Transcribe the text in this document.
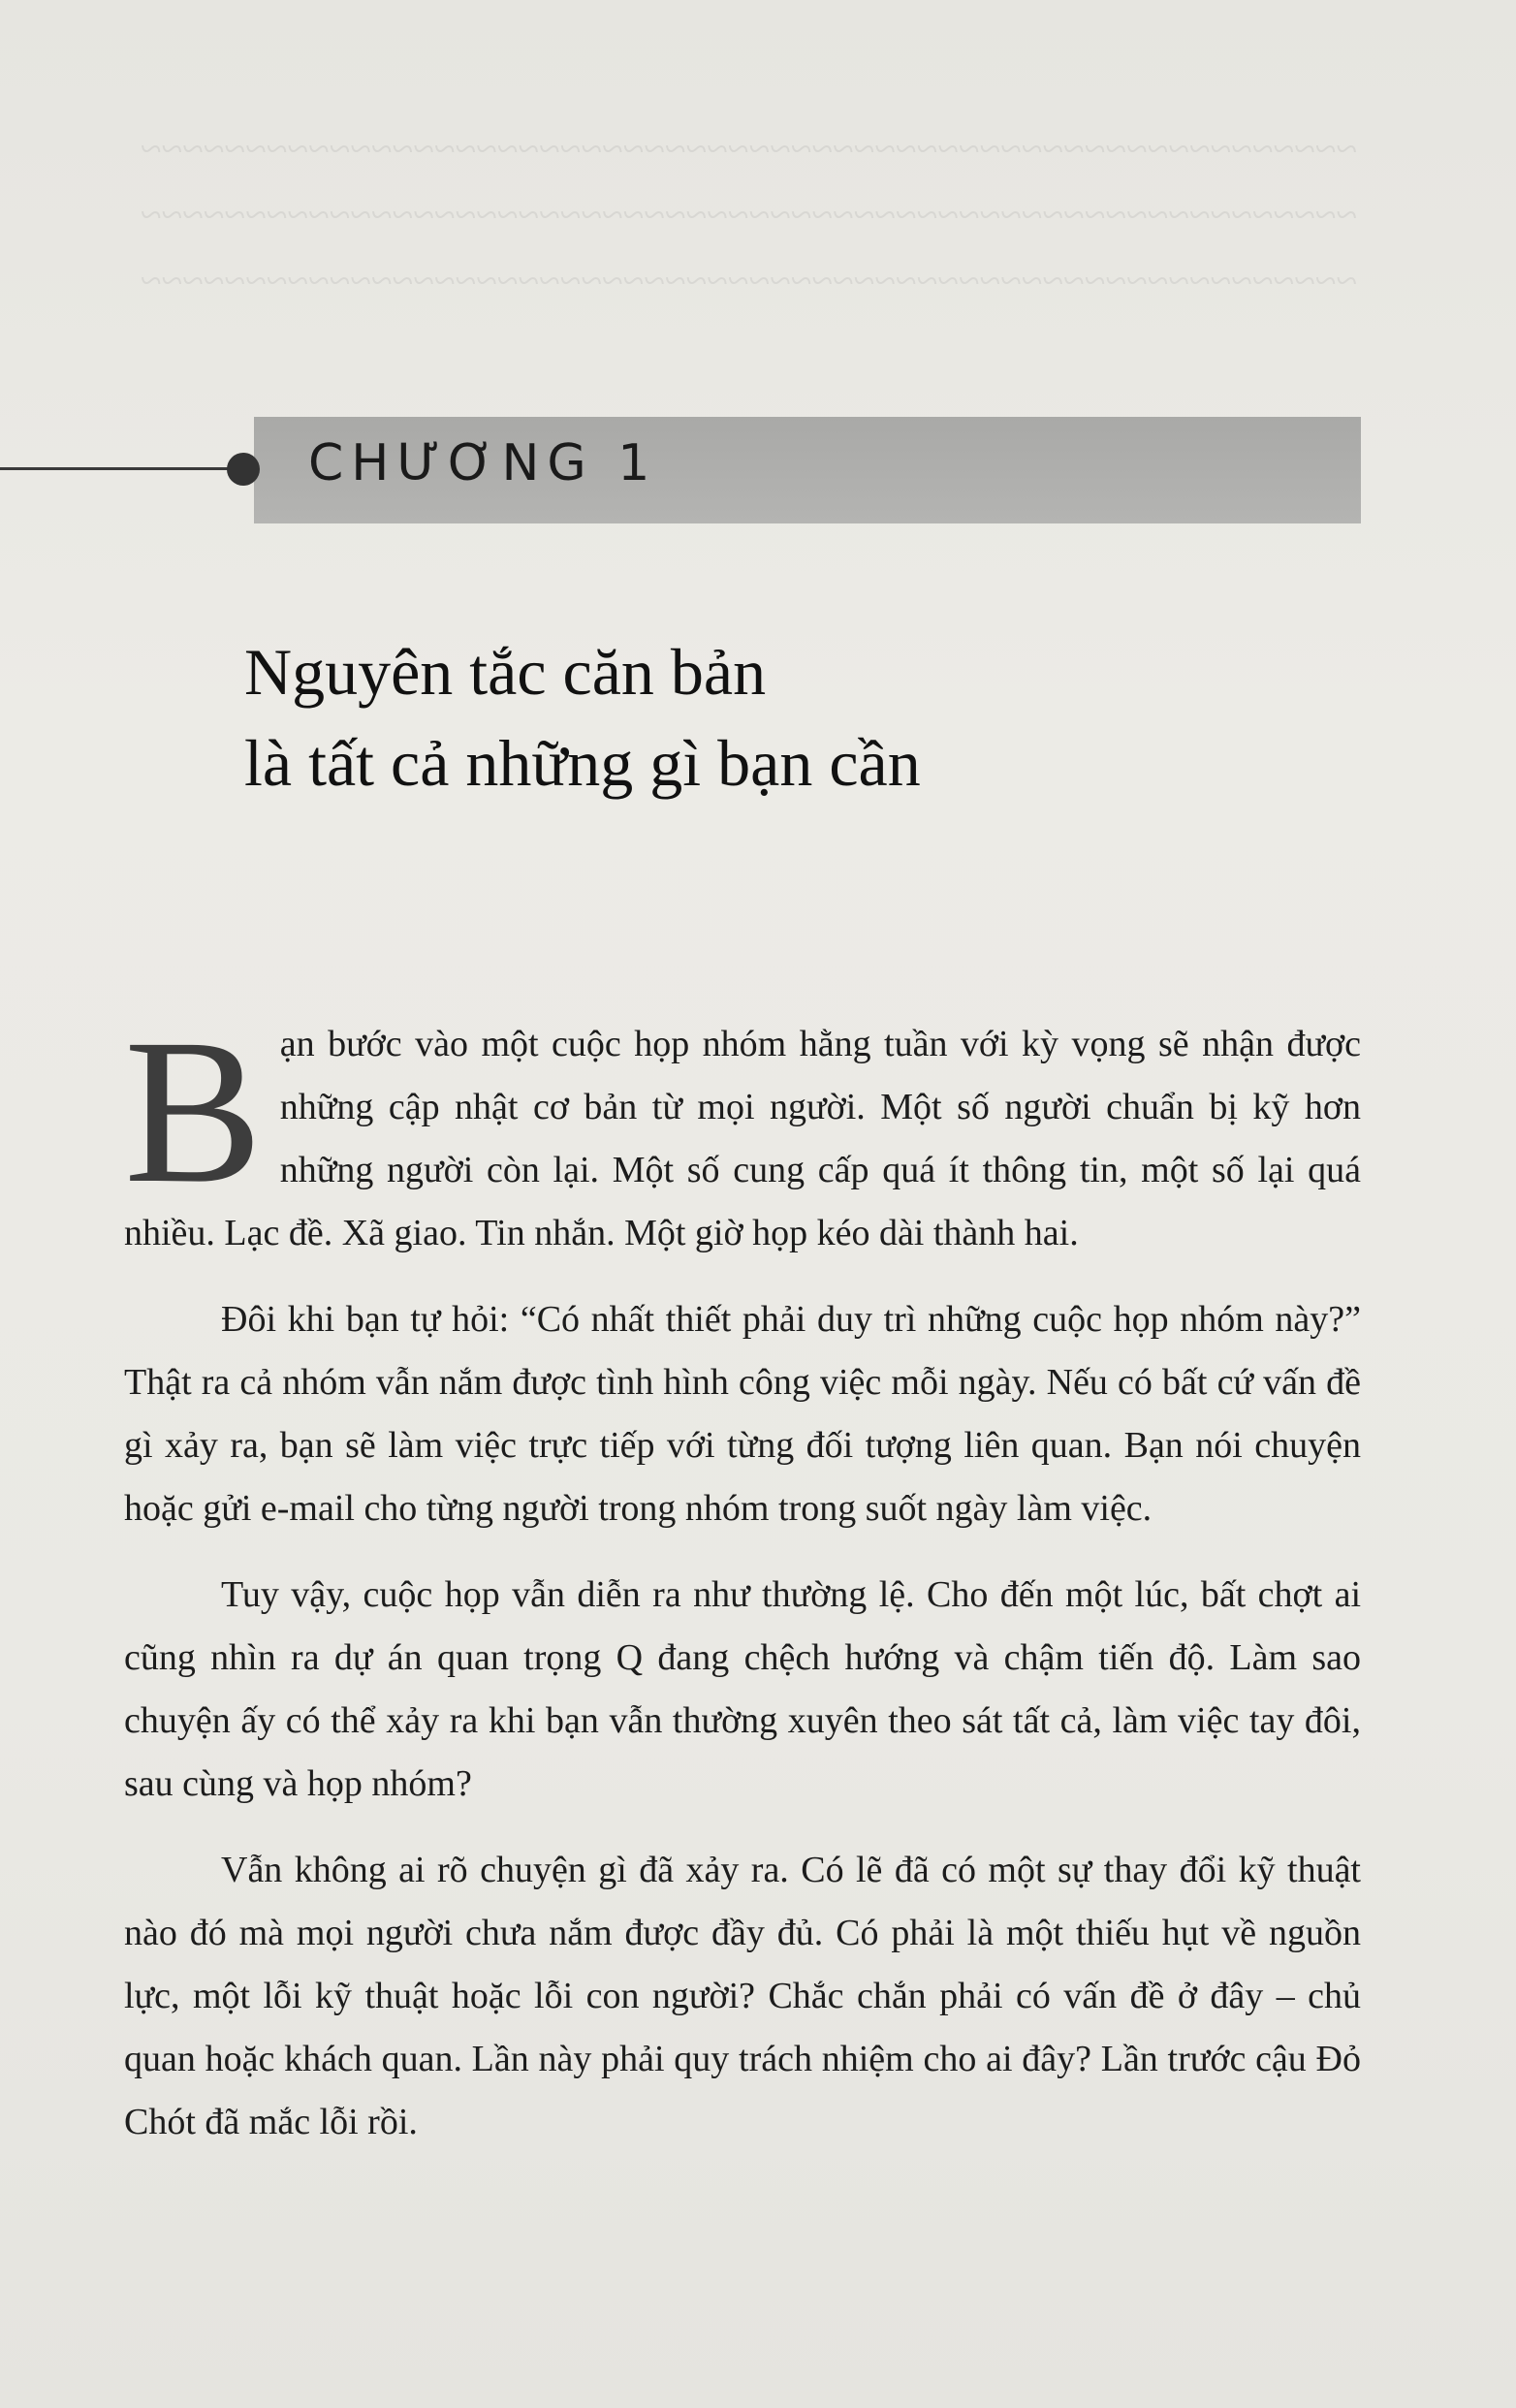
~~~~~~~~~~~~~~~~~~~~~~~~~~~~~~~~~~~~~~~~~~~~~~~~~~~~~~~~~~

~~~~~~~~~~~~~~~~~~~~~~~~~~~~~~~~~~~~~~~~~~~~~~~~~~~~~~~~~~

~~~~~~~~~~~~~~~~~~~~~~~~~~~~~~~~~~~~~~~~~~~~~~~~~~~~~~~~~~

CHƯƠNG 1
Nguyên tắc căn bản
là tất cả những gì bạn cần

Bạn bước vào một cuộc họp nhóm hằng tuần với kỳ vọng sẽ nhận được những cập nhật cơ bản từ mọi người. Một số người chuẩn bị kỹ hơn những người còn lại. Một số cung cấp quá ít thông tin, một số lại quá nhiều. Lạc đề. Xã giao. Tin nhắn. Một giờ họp kéo dài thành hai.

Đôi khi bạn tự hỏi: “Có nhất thiết phải duy trì những cuộc họp nhóm này?” Thật ra cả nhóm vẫn nắm được tình hình công việc mỗi ngày. Nếu có bất cứ vấn đề gì xảy ra, bạn sẽ làm việc trực tiếp với từng đối tượng liên quan. Bạn nói chuyện hoặc gửi e-mail cho từng người trong nhóm trong suốt ngày làm việc.

Tuy vậy, cuộc họp vẫn diễn ra như thường lệ. Cho đến một lúc, bất chợt ai cũng nhìn ra dự án quan trọng Q đang chệch hướng và chậm tiến độ. Làm sao chuyện ấy có thể xảy ra khi bạn vẫn thường xuyên theo sát tất cả, làm việc tay đôi, sau cùng và họp nhóm?

Vẫn không ai rõ chuyện gì đã xảy ra. Có lẽ đã có một sự thay đổi kỹ thuật nào đó mà mọi người chưa nắm được đầy đủ. Có phải là một thiếu hụt về nguồn lực, một lỗi kỹ thuật hoặc lỗi con người? Chắc chắn phải có vấn đề ở đây – chủ quan hoặc khách quan. Lần này phải quy trách nhiệm cho ai đây? Lần trước cậu Đỏ Chót đã mắc lỗi rồi.
